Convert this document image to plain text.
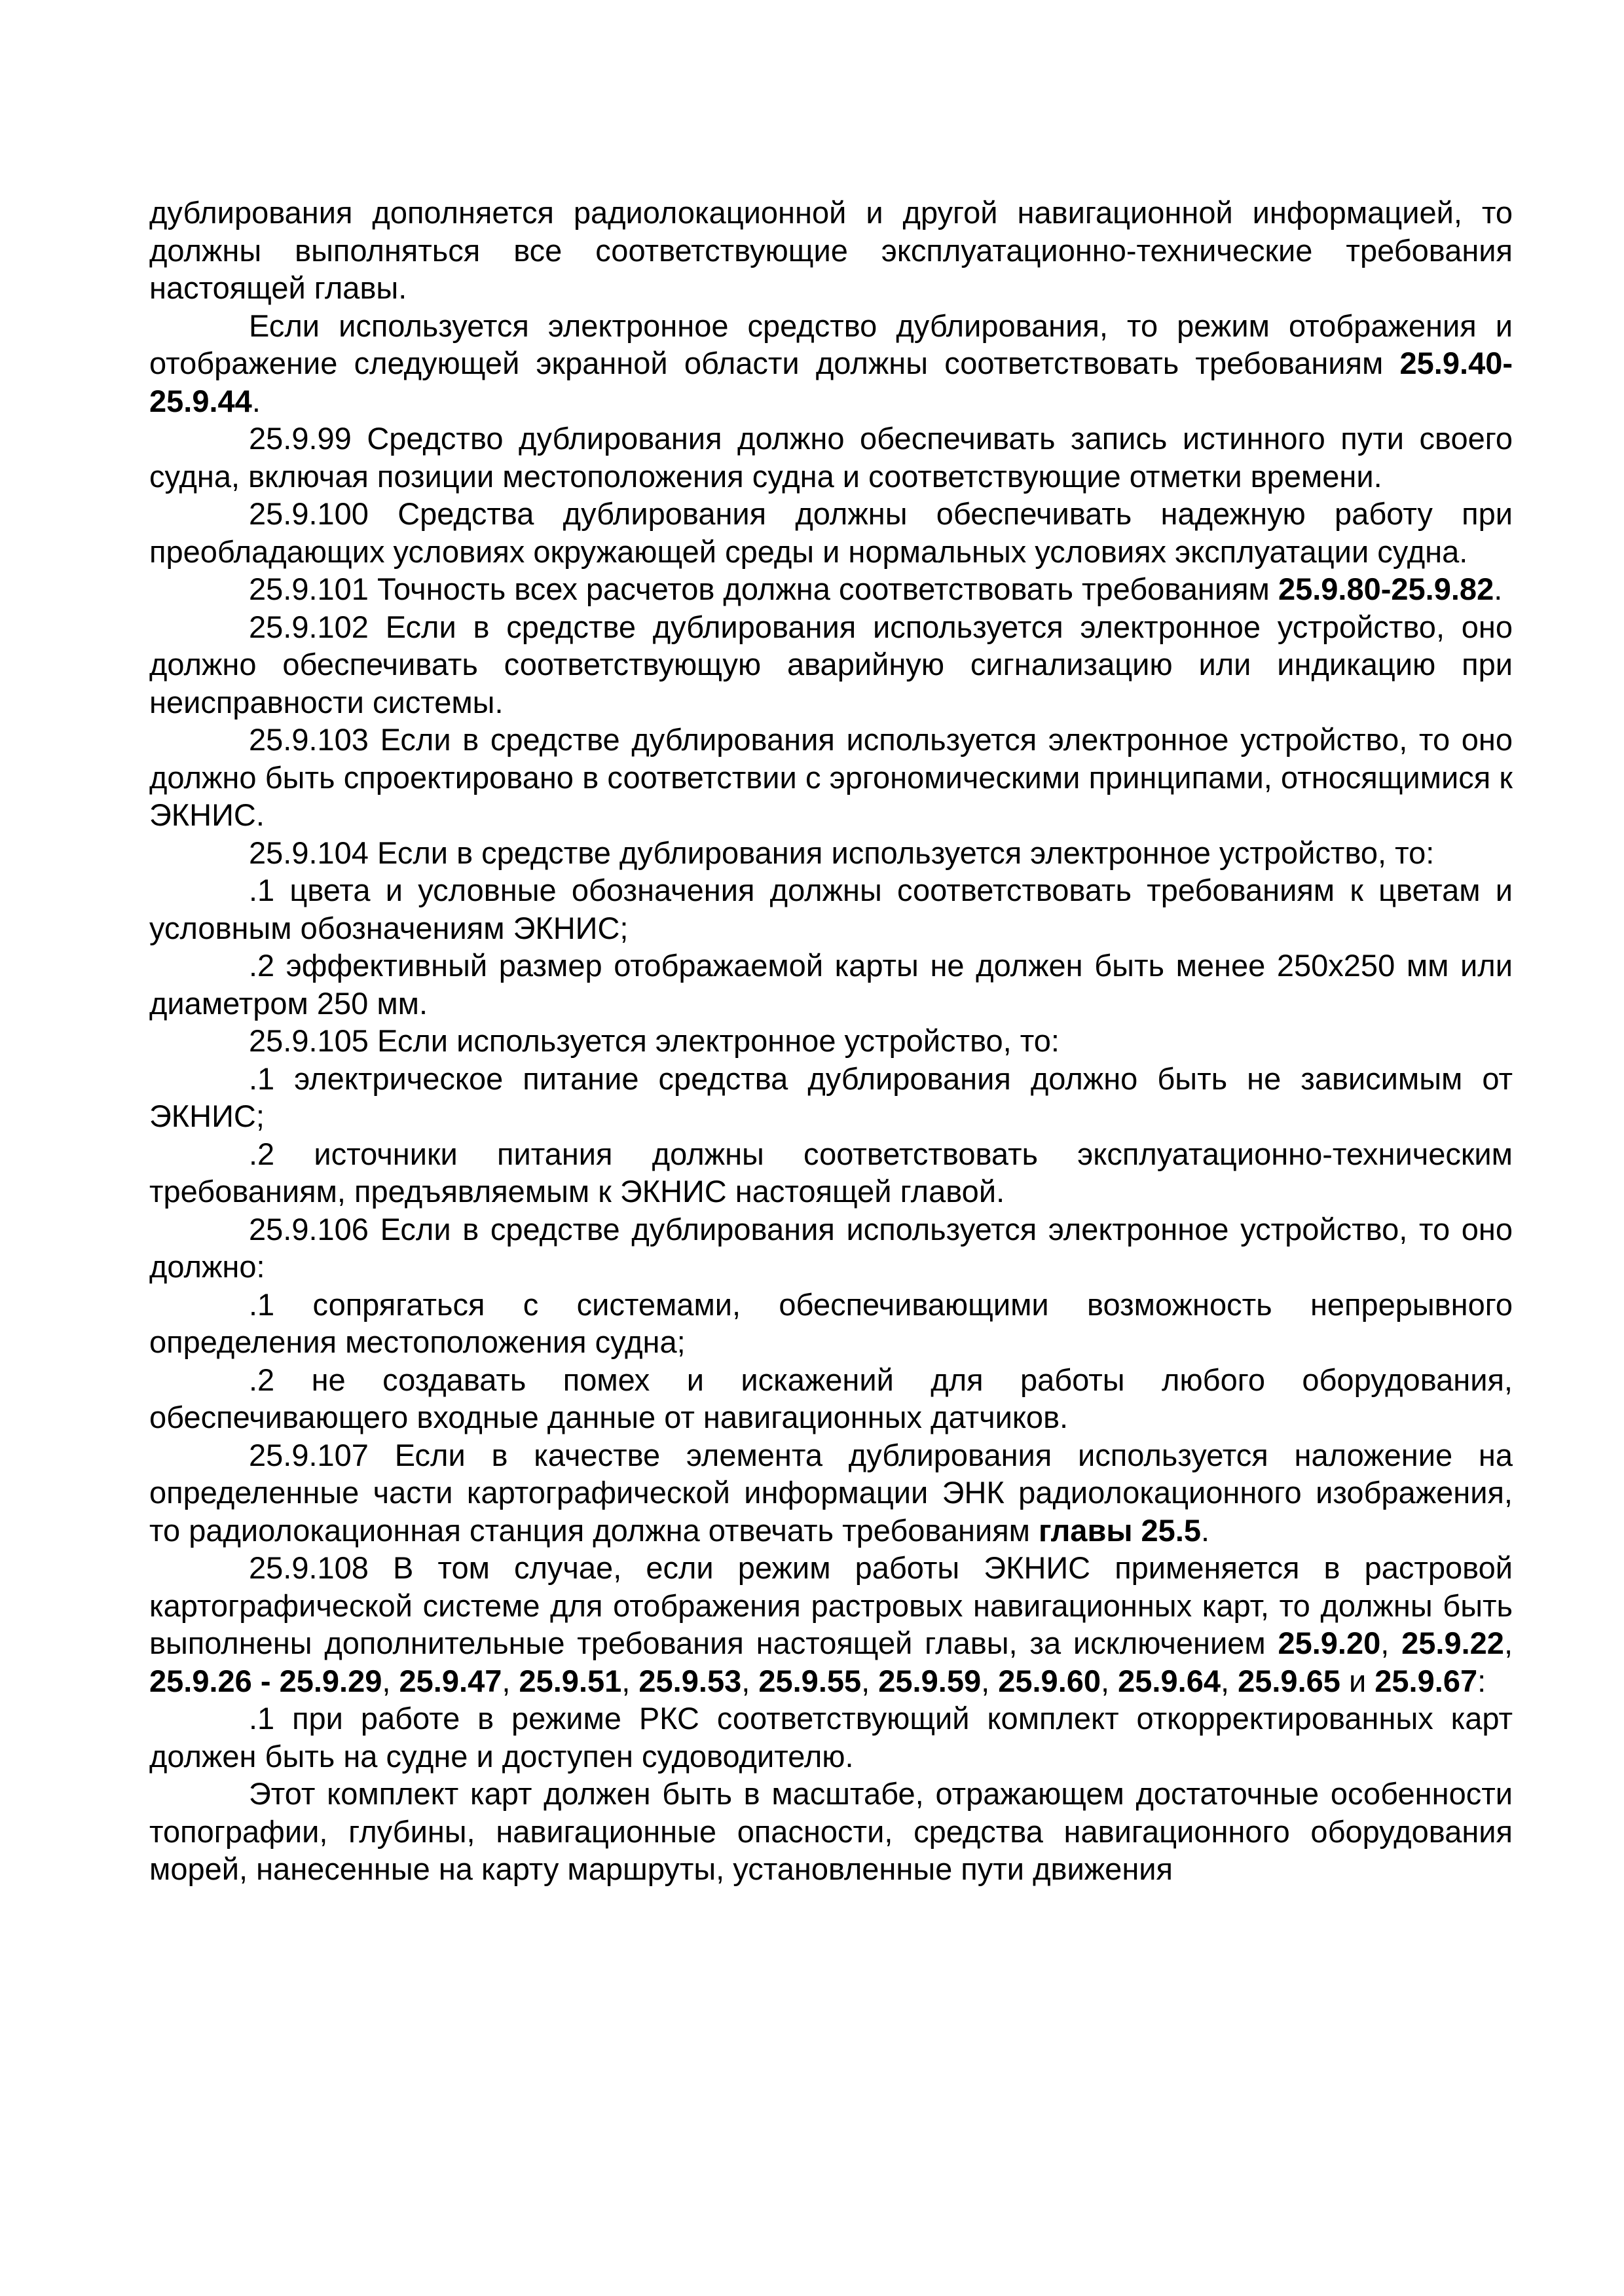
дублирования дополняется радиолокационной и другой навигационной информацией, то должны выполняться все соответствующие эксплуатационно-технические требования настоящей главы.

Если используется электронное средство дублирования, то режим отображения и отображение следующей экранной области должны соответствовать требованиям 25.9.40-25.9.44.

25.9.99 Средство дублирования должно обеспечивать запись истинного пути своего судна, включая позиции местоположения судна и соответствующие отметки времени.

25.9.100 Средства дублирования должны обеспечивать надежную работу при преобладающих условиях окружающей среды и нормальных условиях эксплуатации судна.

25.9.101 Точность всех расчетов должна соответствовать требованиям 25.9.80-25.9.82.

25.9.102 Если в средстве дублирования используется электронное устройство, оно должно обеспечивать соответствующую аварийную сигнализацию или индикацию при неисправности системы.

25.9.103 Если в средстве дублирования используется электронное устройство, то оно должно быть спроектировано в соответствии с эргономическими принципами, относящимися к ЭКНИС.

25.9.104 Если в средстве дублирования используется электронное устройство, то:

.1 цвета и условные обозначения должны соответствовать требованиям к цветам и условным обозначениям ЭКНИС;

.2 эффективный размер отображаемой карты не должен быть менее 250x250 мм или диаметром 250 мм.

25.9.105 Если используется электронное устройство, то:

.1 электрическое питание средства дублирования должно быть не зависимым от ЭКНИС;

.2 источники питания должны соответствовать эксплуатационно-техническим требованиям, предъявляемым к ЭКНИС настоящей главой.

25.9.106 Если в средстве дублирования используется электронное устройство, то оно должно:

.1 сопрягаться с системами, обеспечивающими возможность непрерывного определения местоположения судна;

.2 не создавать помех и искажений для работы любого оборудования, обеспечивающего входные данные от навигационных датчиков.

25.9.107 Если в качестве элемента дублирования используется наложение на определенные части картографической информации ЭНК радиолокационного изображения, то радиолокационная станция должна отвечать требованиям главы 25.5.

25.9.108 В том случае, если режим работы ЭКНИС применяется в растровой картографической системе для отображения растровых навигационных карт, то должны быть выполнены дополнительные требования настоящей главы, за исключением 25.9.20, 25.9.22, 25.9.26 - 25.9.29, 25.9.47, 25.9.51, 25.9.53, 25.9.55, 25.9.59, 25.9.60, 25.9.64, 25.9.65 и 25.9.67:

.1 при работе в режиме РКС соответствующий комплект откорректированных карт должен быть на судне и доступен судоводителю.

Этот комплект карт должен быть в масштабе, отражающем достаточные особенности топографии, глубины, навигационные опасности, средства навигационного оборудования морей, нанесенные на карту маршруты, установленные пути движения
